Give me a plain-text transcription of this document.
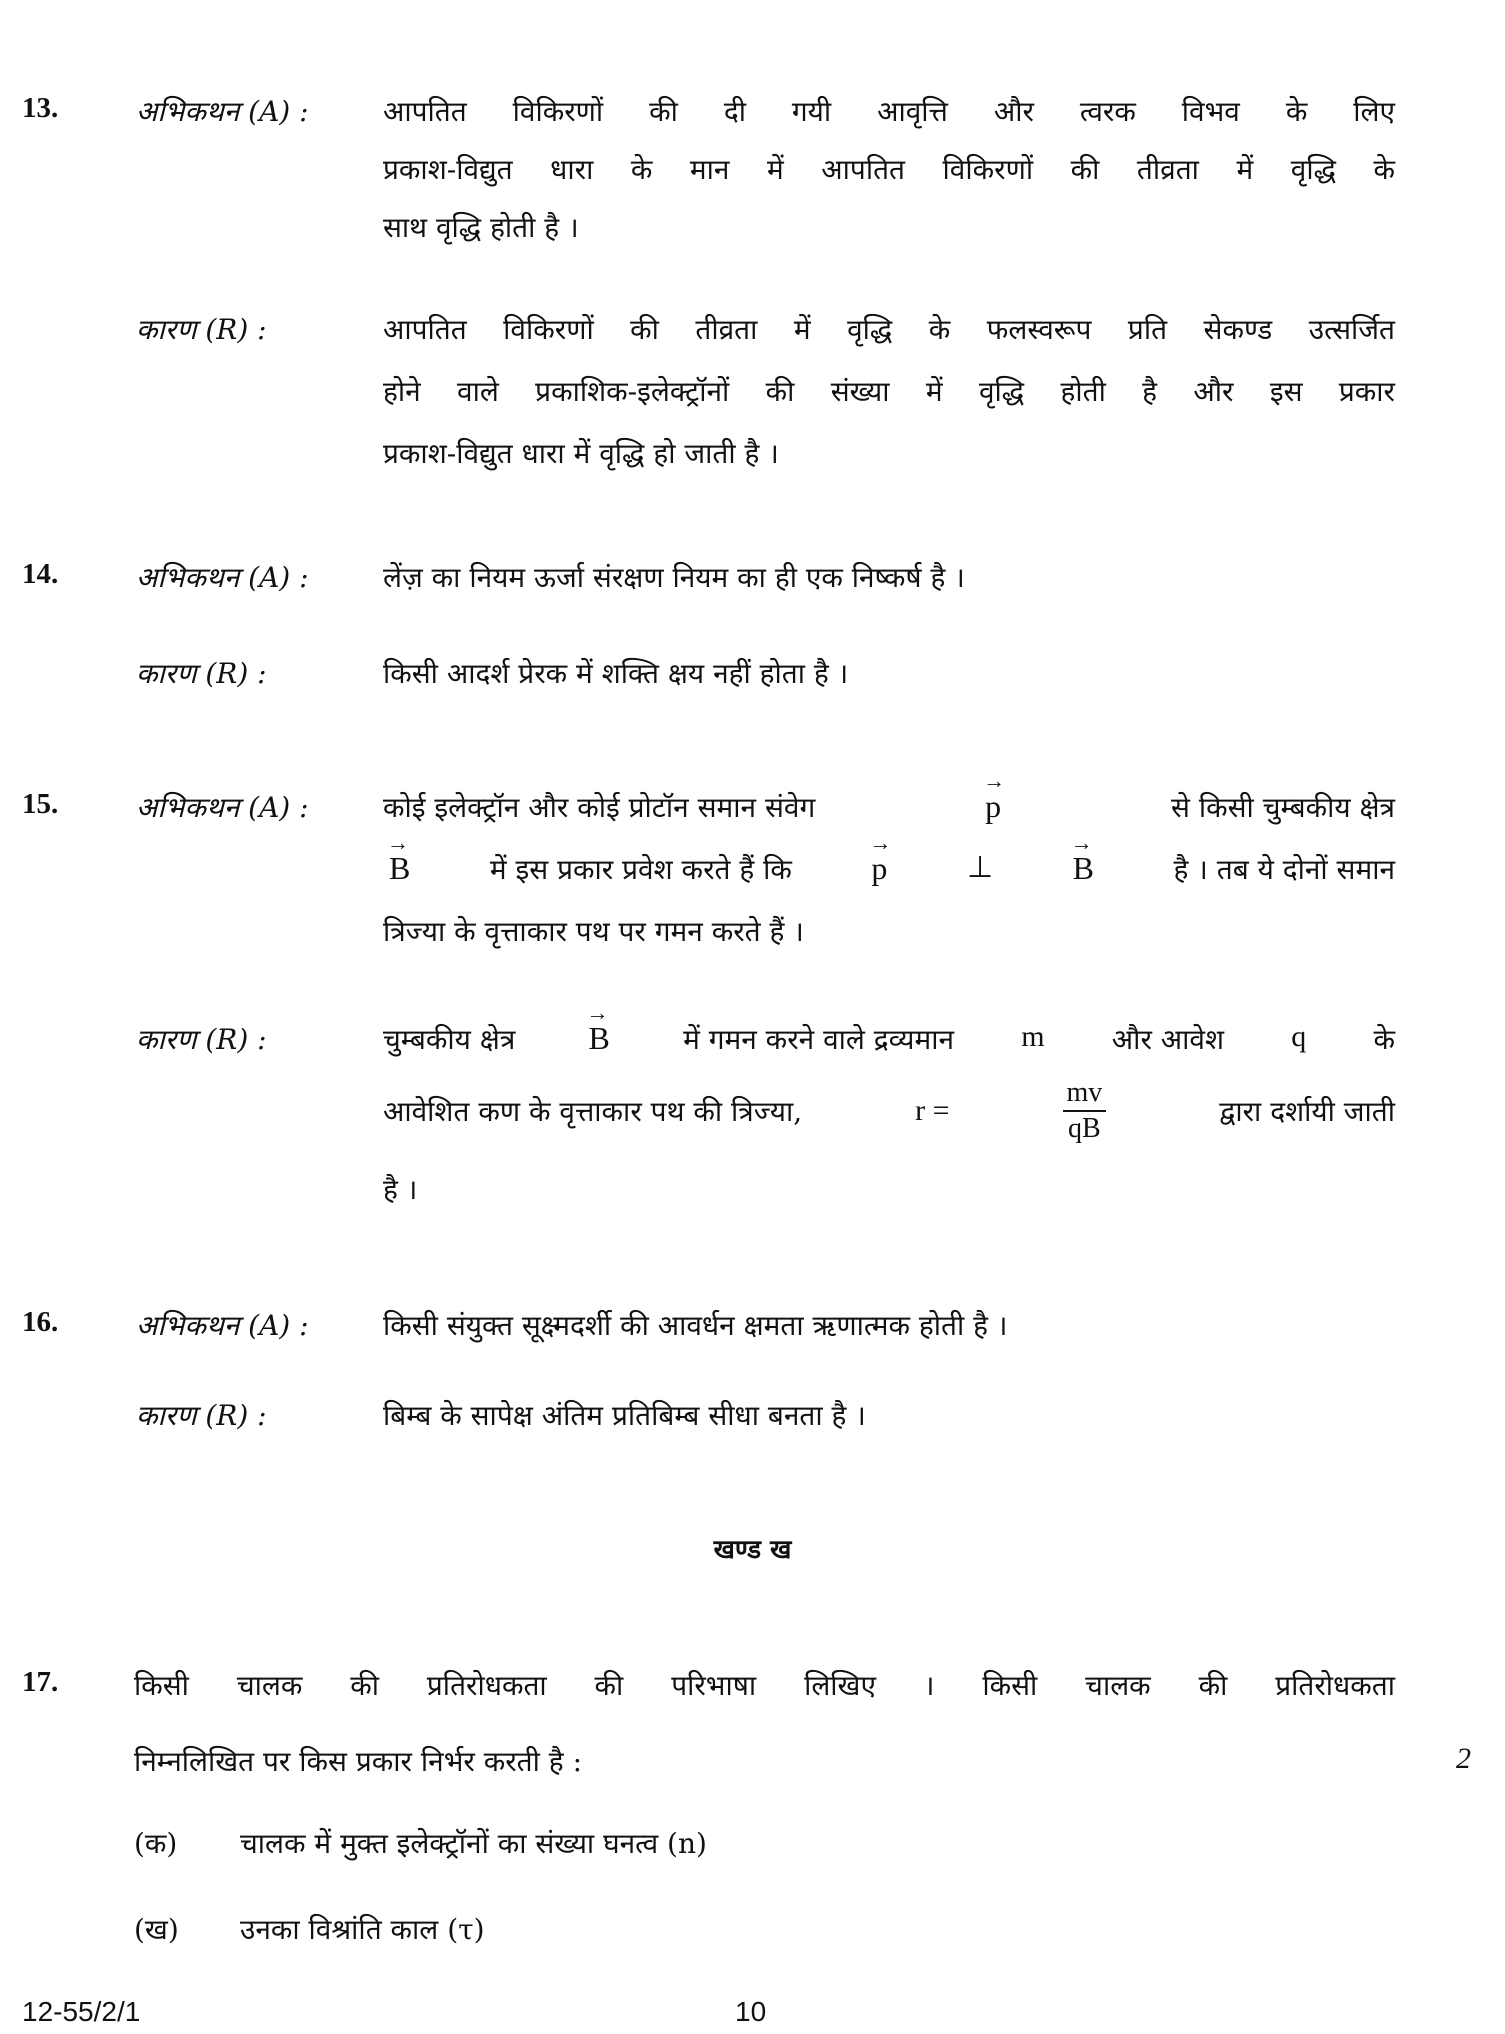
13.	अभिकथन (A) :	आपतित विकिरणों की दी गयी आवृत्ति और त्वरक विभव के लिए
प्रकाश-विद्युत धारा के मान में आपतित विकिरणों की तीव्रता में वृद्धि के
साथ वृद्धि होती है ।
कारण (R) :	आपतित विकिरणों की तीव्रता में वृद्धि के फलस्वरूप प्रति सेकण्ड उत्सर्जित
होने वाले प्रकाशिक-इलेक्ट्रॉनों की संख्या में वृद्धि होती है और इस प्रकार
प्रकाश-विद्युत धारा में वृद्धि हो जाती है ।
14.	अभिकथन (A) :	लेंज़ का नियम ऊर्जा संरक्षण नियम का ही एक निष्कर्ष है ।
कारण (R) :	किसी आदर्श प्रेरक में शक्ति क्षय नहीं होता है ।
15.	अभिकथन (A) :	कोई इलेक्ट्रॉन और कोई प्रोटॉन समान संवेग	→ p	से किसी चुम्बकीय क्षेत्र
→ B	में इस प्रकार प्रवेश करते हैं कि → p	⊥ → B	है । तब ये दोनों समान
त्रिज्या के वृत्ताकार पथ पर गमन करते हैं ।
कारण (R) :	चुम्बकीय क्षेत्र → B	में गमन करने वाले द्रव्यमान m और आवेश q के
आवेशित कण के वृत्ताकार पथ की त्रिज्या,	r =	$\frac{mv}{qB}$	द्वारा दर्शायी जाती
है ।
16.	अभिकथन (A) :	किसी संयुक्त सूक्ष्मदर्शी की आवर्धन क्षमता ऋणात्मक होती है ।
कारण (R) :	बिम्ब के सापेक्ष अंतिम प्रतिबिम्ब सीधा बनता है ।
खण्ड ख
17.	किसी चालक की प्रतिरोधकता की परिभाषा लिखिए । किसी चालक की प्रतिरोधकता
निम्नलिखित पर किस प्रकार निर्भर करती है :	2
(क) चालक में मुक्त इलेक्ट्रॉनों का संख्या घनत्व (n)
(ख) उनका विश्रांति काल (τ)
12-55/2/1	10
